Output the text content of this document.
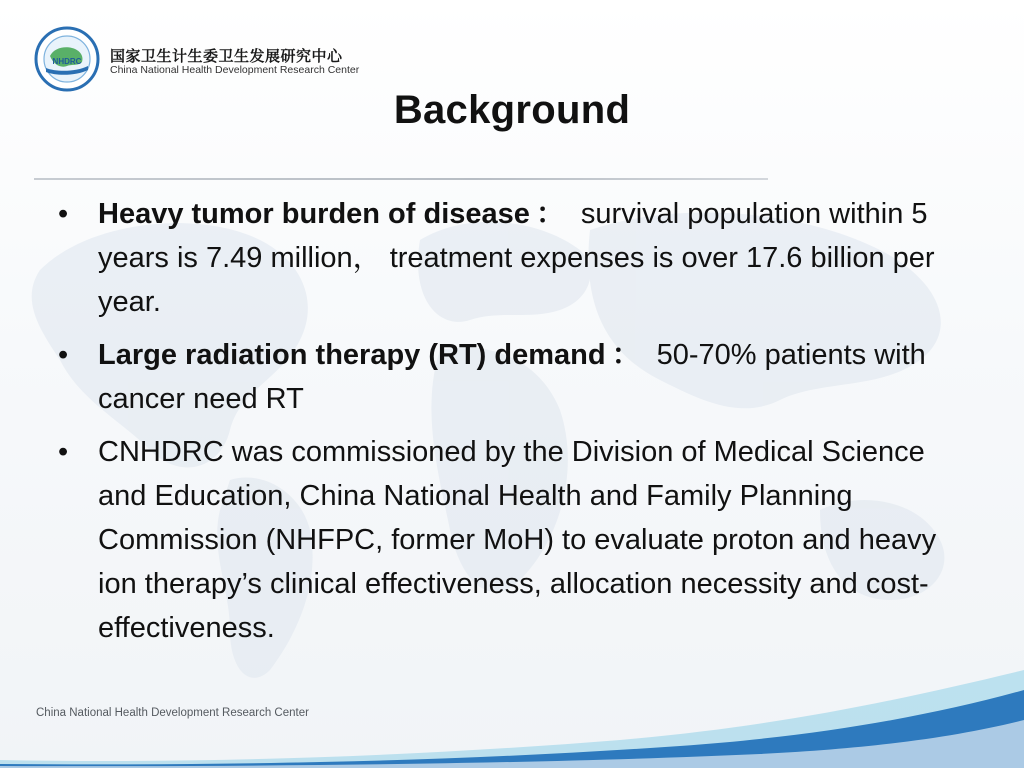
NHDRC 国家卫生计生委卫生发展研究中心
China National Health Development Research Center
Background
•	Heavy tumor burden of disease ： survival population within 5 years is 7.49 million， treatment expenses is over 17.6 billion per year.
•	Large radiation therapy (RT) demand ： 50-70% patients with cancer need RT
•	CNHDRC was commissioned by the Division of Medical Science and Education, China National Health and Family Planning Commission (NHFPC, former MoH) to evaluate proton and heavy ion therapy’s clinical effectiveness, allocation necessity and cost-effectiveness.
China National Health Development Research Center
